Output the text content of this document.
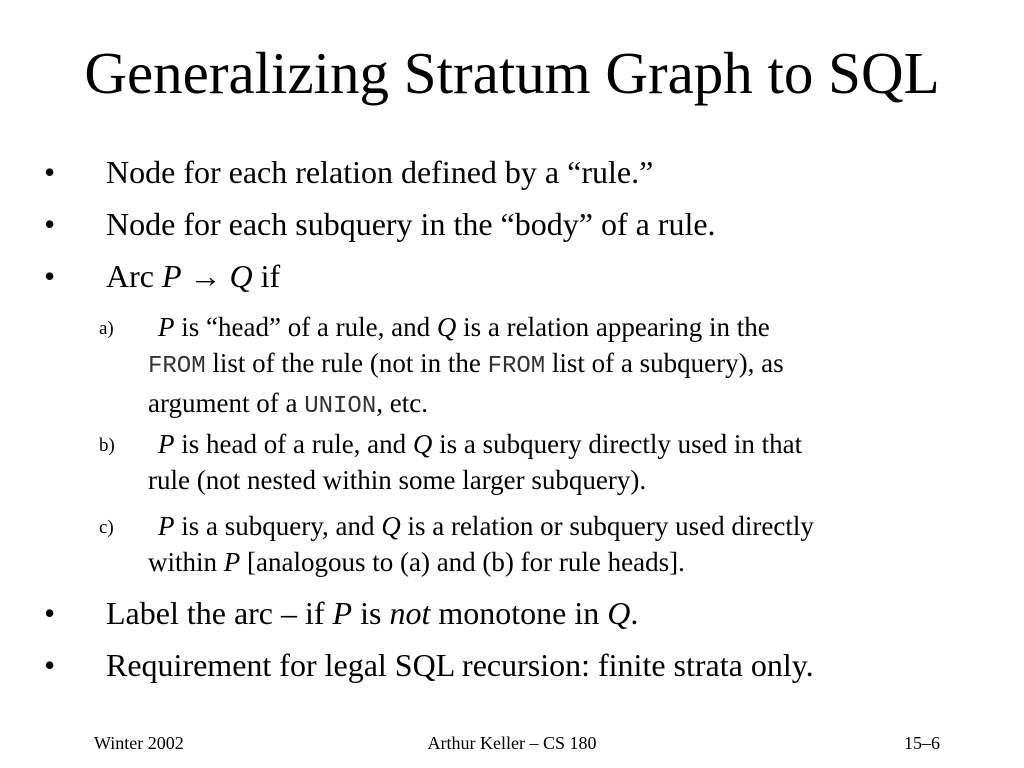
Generalizing Stratum Graph to SQL
• Node for each relation defined by a “rule.”
• Node for each subquery in the “body” of a rule.
• Arc P → Q if
a)	P is “head” of a rule, and Q is a relation appearing in the
FROM list of the rule (not in the FROM list of a subquery), as
argument of a UNION, etc.
b)	P is head of a rule, and Q is a subquery directly used in that
rule (not nested within some larger subquery).
c)	P is a subquery, and Q is a relation or subquery used directly
within P [analogous to (a) and (b) for rule heads].
• Label the arc – if P is not monotone in Q.
• Requirement for legal SQL recursion: finite strata only.
Winter 2002	Arthur Keller – CS 180	15–6
